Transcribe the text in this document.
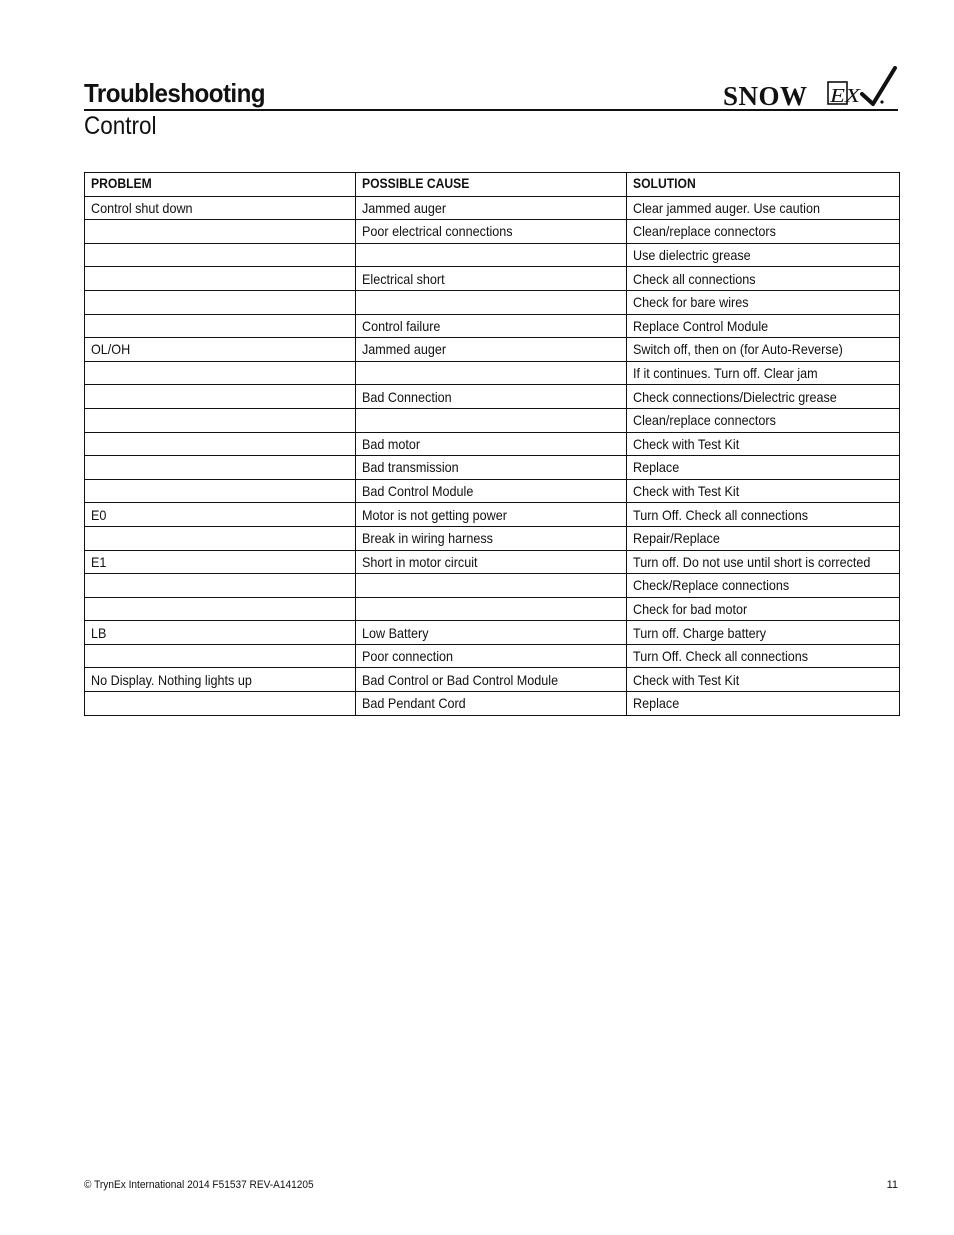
Troubleshooting
Control
SNOW EX
PROBLEM	POSSIBLE CAUSE	SOLUTION
Control shut down	Jammed auger	Clear jammed auger. Use caution
	Poor electrical connections	Clean/replace connectors
		Use dielectric grease
	Electrical short	Check all connections
		Check for bare wires
	Control failure	Replace Control Module
OL/OH	Jammed auger	Switch off, then on (for Auto-Reverse)
		If it continues. Turn off. Clear jam
	Bad Connection	Check connections/Dielectric grease
		Clean/replace connectors
	Bad motor	Check with Test Kit
	Bad transmission	Replace
	Bad Control Module	Check with Test Kit
E0	Motor is not getting power	Turn Off. Check all connections
	Break in wiring harness	Repair/Replace
E1	Short in motor circuit	Turn off. Do not use until short is corrected
		Check/Replace connections
		Check for bad motor
LB	Low Battery	Turn off. Charge battery
	Poor connection	Turn Off. Check all connections
No Display. Nothing lights up	Bad Control or Bad Control Module	Check with Test Kit
	Bad Pendant Cord	Replace
© TrynEx International 2014 F51537 REV-A141205	11
